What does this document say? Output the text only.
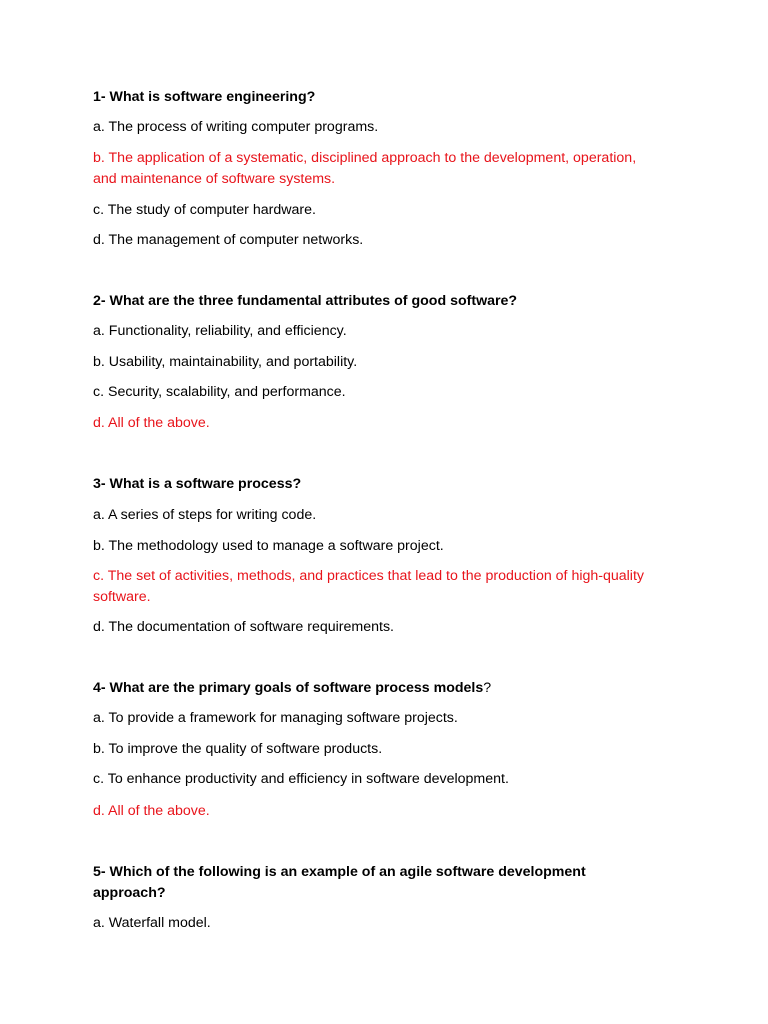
1- What is software engineering?
a. The process of writing computer programs.
b. The application of a systematic, disciplined approach to the development, operation, and maintenance of software systems.
c. The study of computer hardware.
d. The management of computer networks.
2- What are the three fundamental attributes of good software?
a. Functionality, reliability, and efficiency.
b. Usability, maintainability, and portability.
c. Security, scalability, and performance.
d. All of the above.
3- What is a software process?
a. A series of steps for writing code.
b. The methodology used to manage a software project.
c. The set of activities, methods, and practices that lead to the production of high-quality software.
d. The documentation of software requirements.
4- What are the primary goals of software process models?
a. To provide a framework for managing software projects.
b. To improve the quality of software products.
c. To enhance productivity and efficiency in software development.
d. All of the above.
5- Which of the following is an example of an agile software development approach?
a. Waterfall model.
